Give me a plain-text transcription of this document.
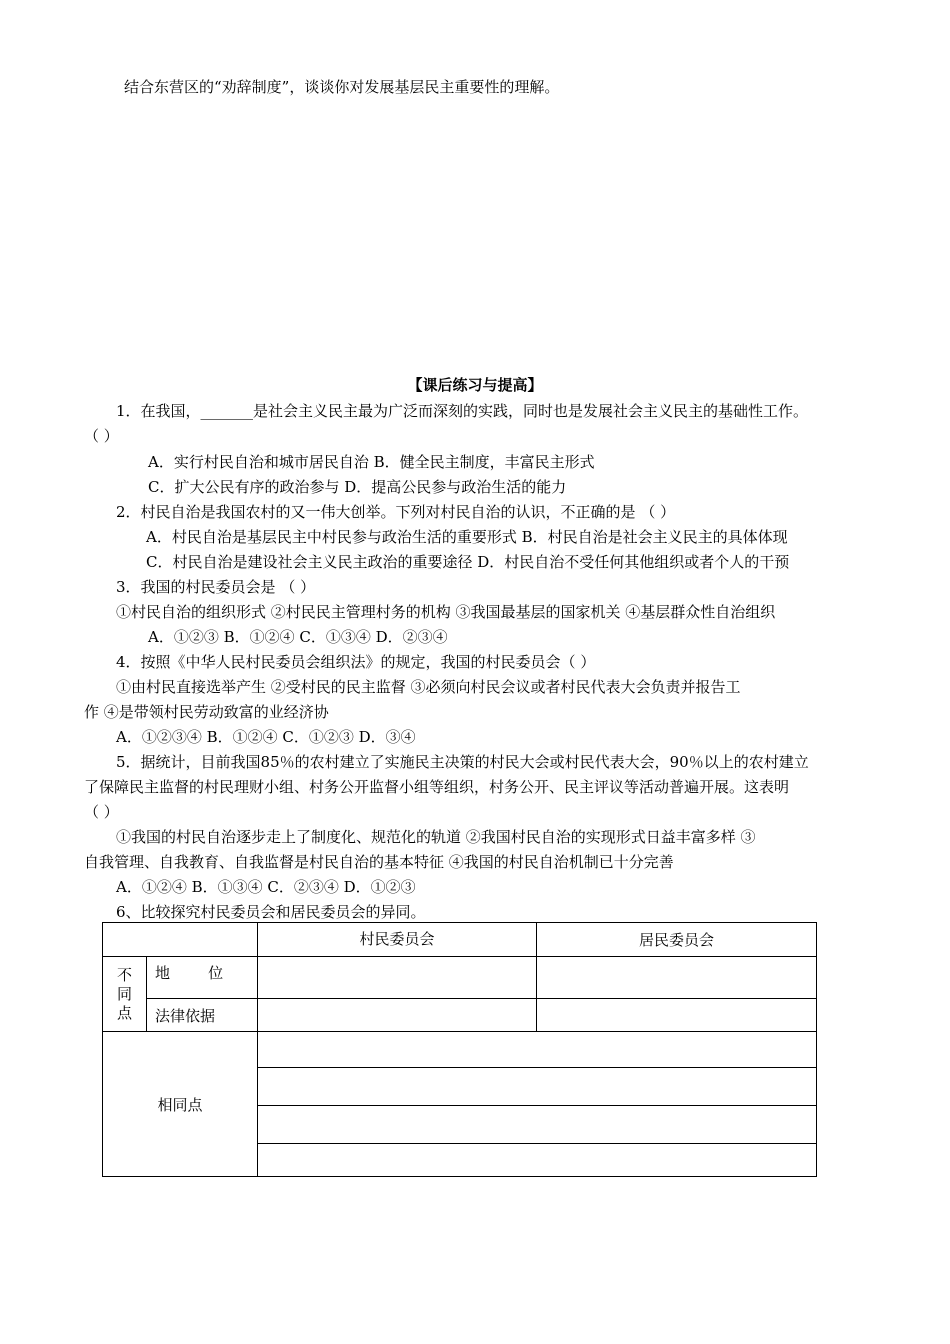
结合东营区的“劝辞制度”，谈谈你对发展基层民主重要性的理解。
【课后练习与提高】
1．在我国，_______是社会主义民主最为广泛而深刻的实践，同时也是发展社会主义民主的基础性工作。
（ ）
A．实行村民自治和城市居民自治 B．健全民主制度，丰富民主形式
C．扩大公民有序的政治参与 D．提高公民参与政治生活的能力
2．村民自治是我国农村的又一伟大创举。下列对村民自治的认识，不正确的是 （ ）
A．村民自治是基层民主中村民参与政治生活的重要形式 B．村民自治是社会主义民主的具体体现
C．村民自治是建设社会主义民主政治的重要途径 D．村民自治不受任何其他组织或者个人的干预
3．我国的村民委员会是 （ ）
①村民自治的组织形式 ②村民民主管理村务的机构 ③我国最基层的国家机关 ④基层群众性自治组织
A．①②③ B．①②④ C．①③④ D．②③④
4．按照《中华人民村民委员会组织法》的规定，我国的村民委员会（ ）
①由村民直接选举产生 ②受村民的民主监督 ③必须向村民会议或者村民代表大会负责并报告工
作 ④是带领村民劳动致富的业经济协
A．①②③④ B．①②④ C．①②③ D．③④
5．据统计，目前我国85％的农村建立了实施民主决策的村民大会或村民代表大会，90％以上的农村建立
了保障民主监督的村民理财小组、村务公开监督小组等组织，村务公开、民主评议等活动普遍开展。这表明
（ ）
①我国的村民自治逐步走上了制度化、规范化的轨道 ②我国村民自治的实现形式日益丰富多样 ③
自我管理、自我教育、自我监督是村民自治的基本特征 ④我国的村民自治机制已十分完善
A．①②④ B．①③④ C．②③④ D．①②③
6、比较探究村民委员会和居民委员会的异同。
		村民委员会	居民委员会

不同点	地        位		
	法律依据		
相同点			
